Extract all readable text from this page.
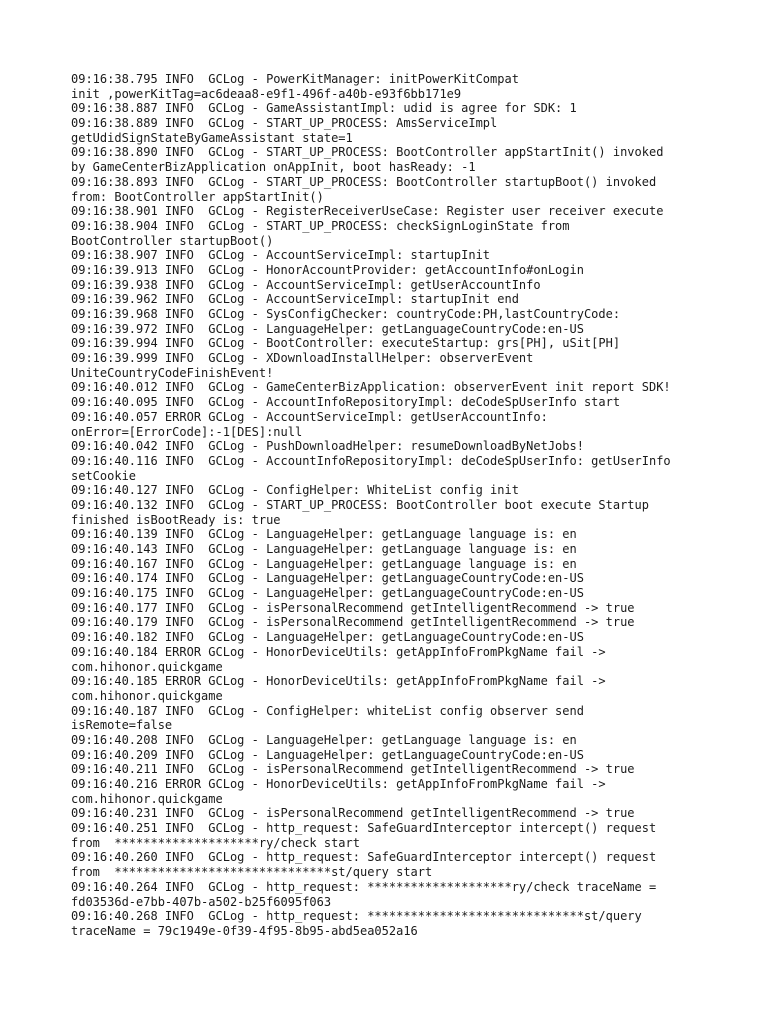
09:16:38.795 INFO  GCLog - PowerKitManager: initPowerKitCompat
init ,powerKitTag=ac6deaa8-e9f1-496f-a40b-e93f6bb171e9
09:16:38.887 INFO  GCLog - GameAssistantImpl: udid is agree for SDK: 1
09:16:38.889 INFO  GCLog - START_UP_PROCESS: AmsServiceImpl
getUdidSignStateByGameAssistant state=1
09:16:38.890 INFO  GCLog - START_UP_PROCESS: BootController appStartInit() invoked
by GameCenterBizApplication onAppInit, boot hasReady: -1
09:16:38.893 INFO  GCLog - START_UP_PROCESS: BootController startupBoot() invoked
from: BootController appStartInit()
09:16:38.901 INFO  GCLog - RegisterReceiverUseCase: Register user receiver execute
09:16:38.904 INFO  GCLog - START_UP_PROCESS: checkSignLoginState from
BootController startupBoot()
09:16:38.907 INFO  GCLog - AccountServiceImpl: startupInit
09:16:39.913 INFO  GCLog - HonorAccountProvider: getAccountInfo#onLogin
09:16:39.938 INFO  GCLog - AccountServiceImpl: getUserAccountInfo
09:16:39.962 INFO  GCLog - AccountServiceImpl: startupInit end
09:16:39.968 INFO  GCLog - SysConfigChecker: countryCode:PH,lastCountryCode:
09:16:39.972 INFO  GCLog - LanguageHelper: getLanguageCountryCode:en-US
09:16:39.994 INFO  GCLog - BootController: executeStartup: grs[PH], uSit[PH]
09:16:39.999 INFO  GCLog - XDownloadInstallHelper: observerEvent
UniteCountryCodeFinishEvent!
09:16:40.012 INFO  GCLog - GameCenterBizApplication: observerEvent init report SDK!
09:16:40.095 INFO  GCLog - AccountInfoRepositoryImpl: deCodeSpUserInfo start
09:16:40.057 ERROR GCLog - AccountServiceImpl: getUserAccountInfo:
onError=[ErrorCode]:-1[DES]:null
09:16:40.042 INFO  GCLog - PushDownloadHelper: resumeDownloadByNetJobs!
09:16:40.116 INFO  GCLog - AccountInfoRepositoryImpl: deCodeSpUserInfo: getUserInfo
setCookie
09:16:40.127 INFO  GCLog - ConfigHelper: WhiteList config init
09:16:40.132 INFO  GCLog - START_UP_PROCESS: BootController boot execute Startup
finished isBootReady is: true
09:16:40.139 INFO  GCLog - LanguageHelper: getLanguage language is: en
09:16:40.143 INFO  GCLog - LanguageHelper: getLanguage language is: en
09:16:40.167 INFO  GCLog - LanguageHelper: getLanguage language is: en
09:16:40.174 INFO  GCLog - LanguageHelper: getLanguageCountryCode:en-US
09:16:40.175 INFO  GCLog - LanguageHelper: getLanguageCountryCode:en-US
09:16:40.177 INFO  GCLog - isPersonalRecommend getIntelligentRecommend -> true
09:16:40.179 INFO  GCLog - isPersonalRecommend getIntelligentRecommend -> true
09:16:40.182 INFO  GCLog - LanguageHelper: getLanguageCountryCode:en-US
09:16:40.184 ERROR GCLog - HonorDeviceUtils: getAppInfoFromPkgName fail ->
com.hihonor.quickgame
09:16:40.185 ERROR GCLog - HonorDeviceUtils: getAppInfoFromPkgName fail ->
com.hihonor.quickgame
09:16:40.187 INFO  GCLog - ConfigHelper: whiteList config observer send
isRemote=false
09:16:40.208 INFO  GCLog - LanguageHelper: getLanguage language is: en
09:16:40.209 INFO  GCLog - LanguageHelper: getLanguageCountryCode:en-US
09:16:40.211 INFO  GCLog - isPersonalRecommend getIntelligentRecommend -> true
09:16:40.216 ERROR GCLog - HonorDeviceUtils: getAppInfoFromPkgName fail ->
com.hihonor.quickgame
09:16:40.231 INFO  GCLog - isPersonalRecommend getIntelligentRecommend -> true
09:16:40.251 INFO  GCLog - http_request: SafeGuardInterceptor intercept() request
from  ********************ry/check start
09:16:40.260 INFO  GCLog - http_request: SafeGuardInterceptor intercept() request
from  ******************************st/query start
09:16:40.264 INFO  GCLog - http_request: ********************ry/check traceName =
fd03536d-e7bb-407b-a502-b25f6095f063
09:16:40.268 INFO  GCLog - http_request: ******************************st/query
traceName = 79c1949e-0f39-4f95-8b95-abd5ea052a16
